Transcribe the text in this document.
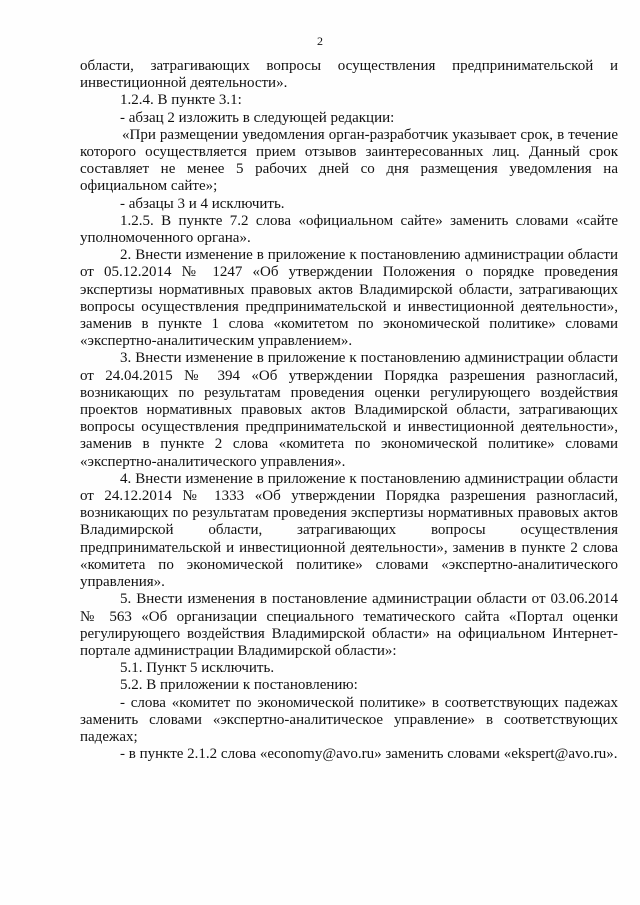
2

области, затрагивающих вопросы осуществления предпринимательской и инвестиционной деятельности».

1.2.4. В пункте 3.1:

- абзац 2 изложить в следующей редакции:

«При размещении уведомления орган-разработчик указывает срок, в течение которого осуществляется прием отзывов заинтересованных лиц. Данный срок составляет не менее 5 рабочих дней со дня размещения уведомления на официальном сайте»;

- абзацы 3 и 4 исключить.

1.2.5. В пункте 7.2 слова «официальном сайте» заменить словами «сайте уполномоченного органа».

2. Внести изменение в приложение к постановлению администрации области от 05.12.2014 № 1247 «Об утверждении Положения о порядке проведения экспертизы нормативных правовых актов Владимирской области, затрагивающих вопросы осуществления предпринимательской и инвестиционной деятельности», заменив в пункте 1 слова «комитетом по экономической политике» словами «экспертно-аналитическим управлением».

3. Внести изменение в приложение к постановлению администрации области от 24.04.2015 № 394 «Об утверждении Порядка разрешения разногласий, возникающих по результатам проведения оценки регулирующего воздействия проектов нормативных правовых актов Владимирской области, затрагивающих вопросы осуществления предпринимательской и инвестиционной деятельности», заменив в пункте 2 слова «комитета по экономической политике» словами «экспертно-аналитического управления».

4. Внести изменение в приложение к постановлению администрации области от 24.12.2014 № 1333 «Об утверждении Порядка разрешения разногласий, возникающих по результатам проведения экспертизы нормативных правовых актов Владимирской области, затрагивающих вопросы осуществления предпринимательской и инвестиционной деятельности», заменив в пункте 2 слова «комитета по экономической политике» словами «экспертно-аналитического управления».

5. Внести изменения в постановление администрации области от 03.06.2014 № 563 «Об организации специального тематического сайта «Портал оценки регулирующего воздействия Владимирской области» на официальном Интернет-портале администрации Владимирской области»:

5.1. Пункт 5 исключить.

5.2. В приложении к постановлению:

- слова «комитет по экономической политике» в соответствующих падежах заменить словами «экспертно-аналитическое управление» в соответствующих падежах;

- в пункте 2.1.2 слова «economy@avo.ru» заменить словами «ekspert@avo.ru».
